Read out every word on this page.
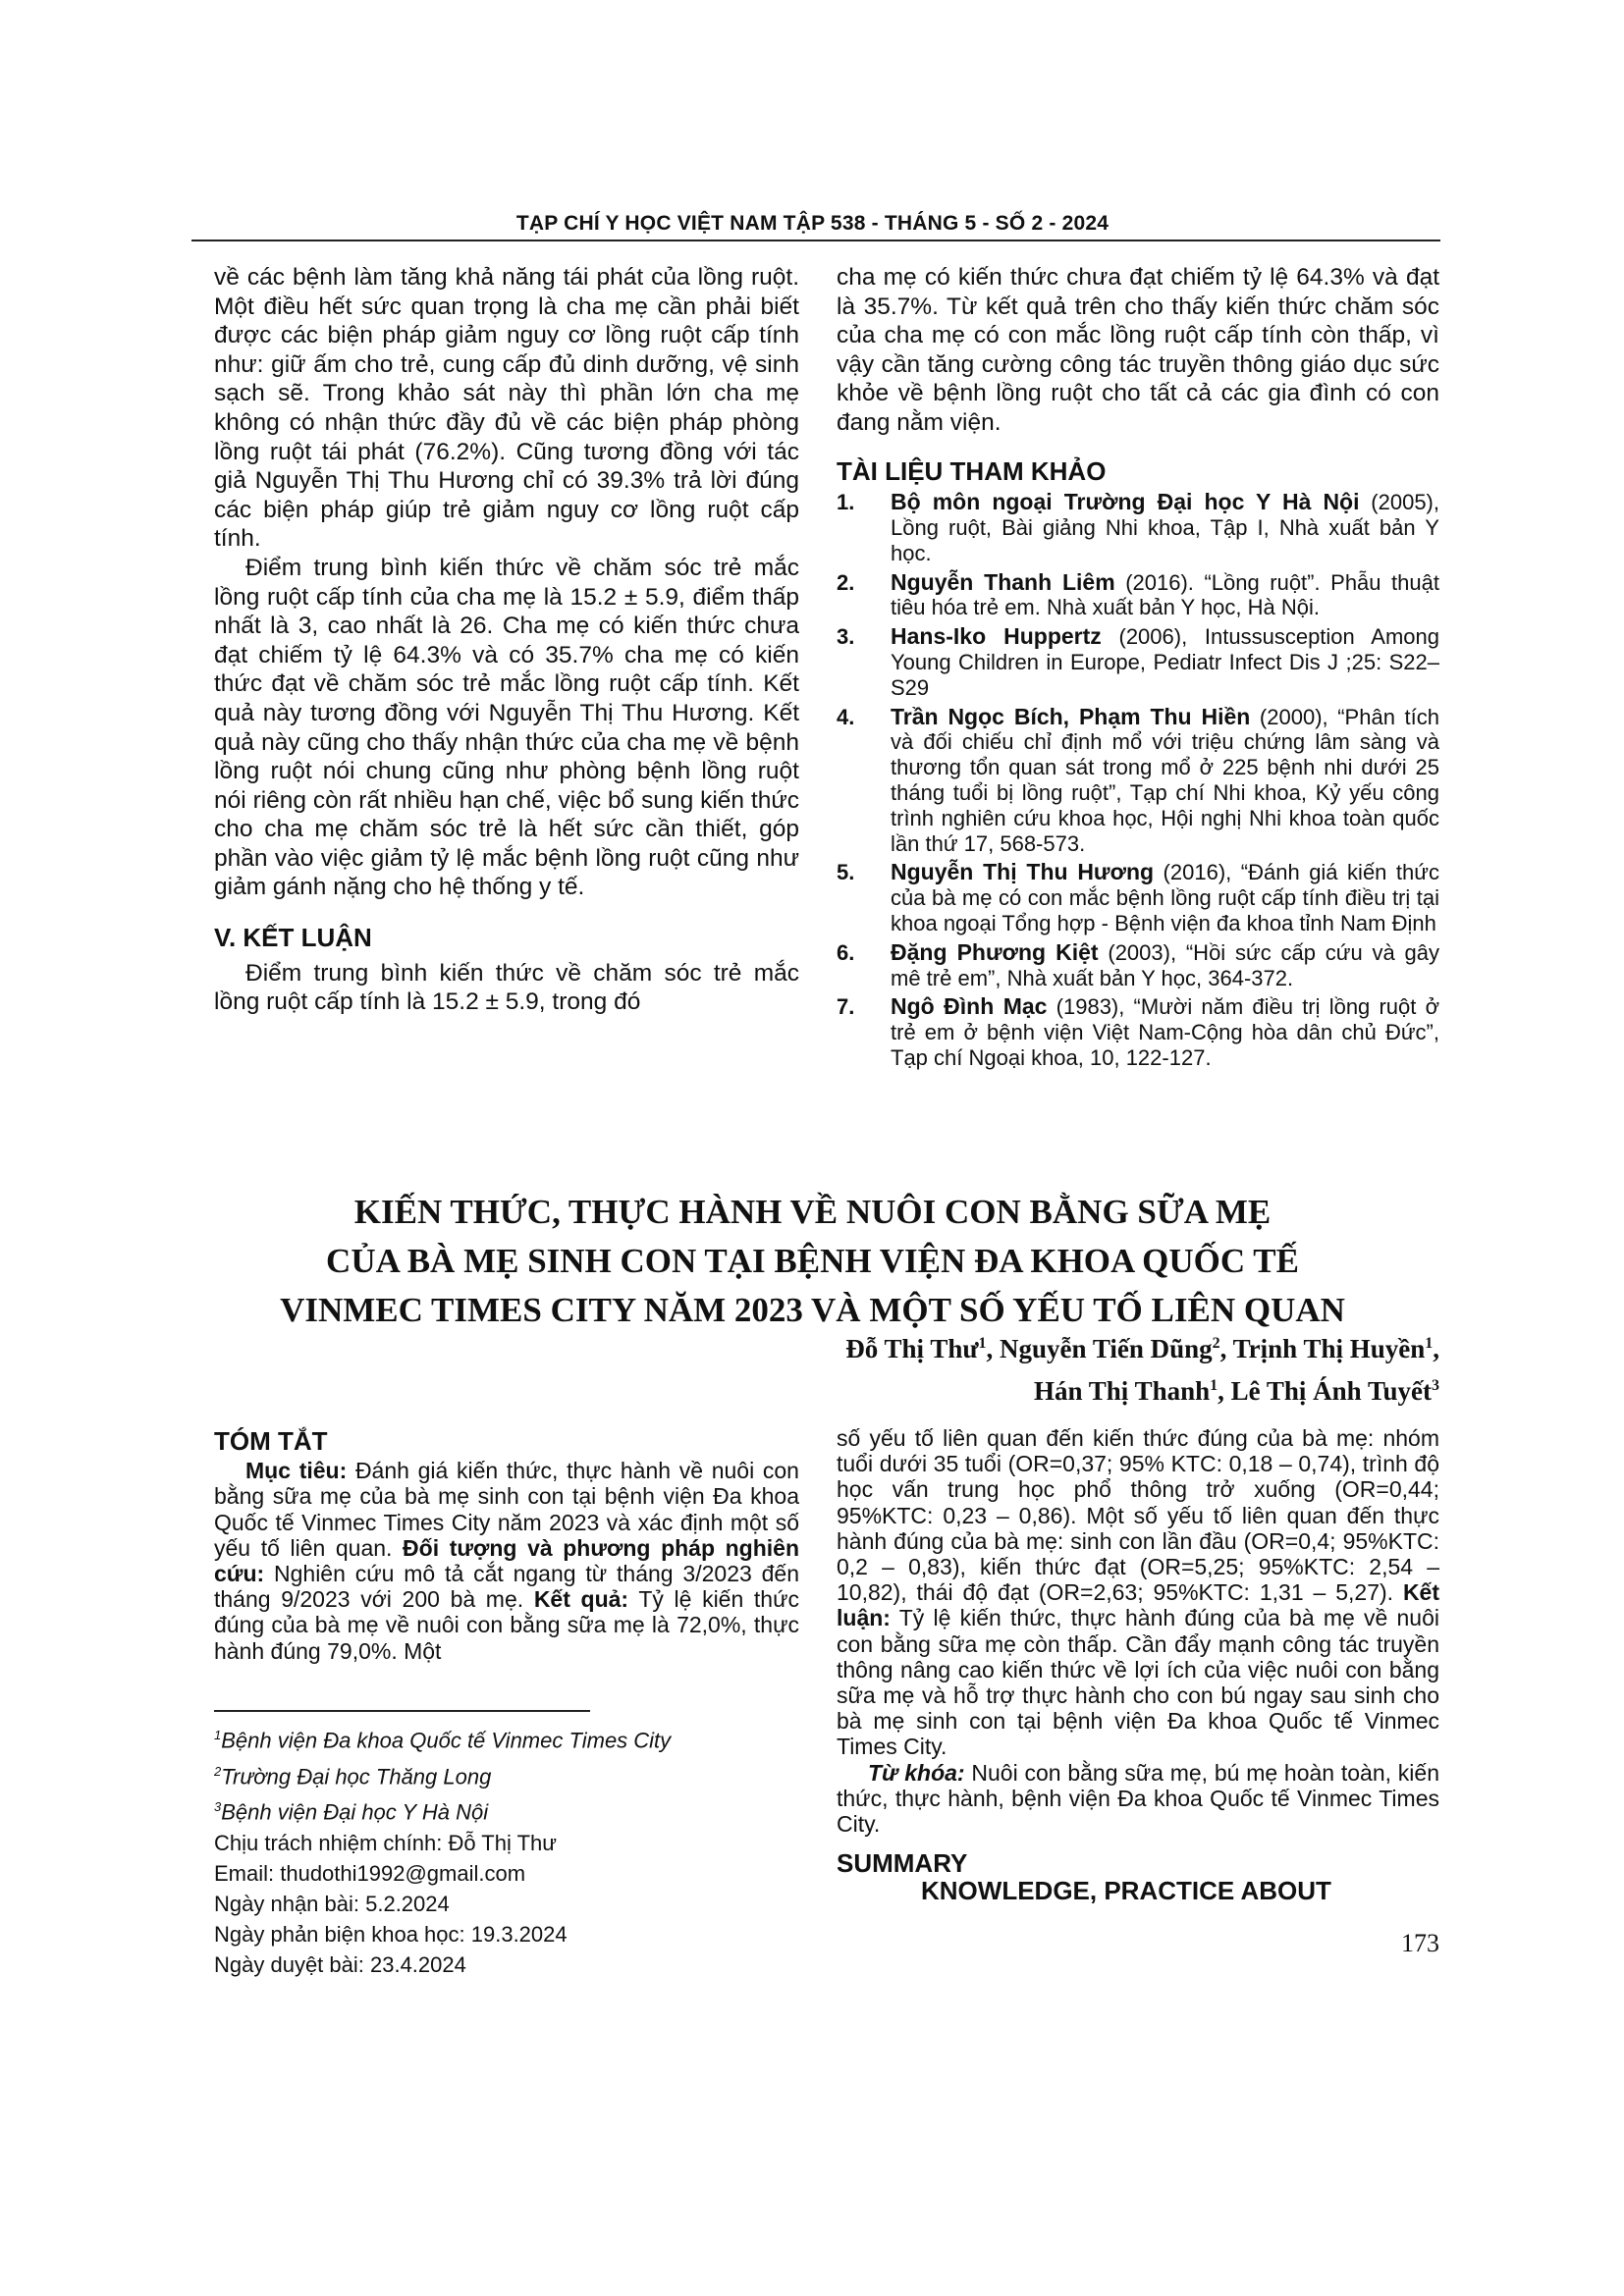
TẠP CHÍ Y HỌC VIỆT NAM TẬP 538 - THÁNG 5 - SỐ 2 - 2024

về các bệnh làm tăng khả năng tái phát của lồng ruột. Một điều hết sức quan trọng là cha mẹ cần phải biết được các biện pháp giảm nguy cơ lồng ruột cấp tính như: giữ ấm cho trẻ, cung cấp đủ dinh dưỡng, vệ sinh sạch sẽ. Trong khảo sát này thì phần lớn cha mẹ không có nhận thức đầy đủ về các biện pháp phòng lồng ruột tái phát (76.2%). Cũng tương đồng với tác giả Nguyễn Thị Thu Hương chỉ có 39.3% trả lời đúng các biện pháp giúp trẻ giảm nguy cơ lồng ruột cấp tính.

Điểm trung bình kiến thức về chăm sóc trẻ mắc lồng ruột cấp tính của cha mẹ là 15.2 ± 5.9, điểm thấp nhất là 3, cao nhất là 26. Cha mẹ có kiến thức chưa đạt chiếm tỷ lệ 64.3% và có 35.7% cha mẹ có kiến thức đạt về chăm sóc trẻ mắc lồng ruột cấp tính. Kết quả này tương đồng với Nguyễn Thị Thu Hương. Kết quả này cũng cho thấy nhận thức của cha mẹ về bệnh lồng ruột nói chung cũng như phòng bệnh lồng ruột nói riêng còn rất nhiều hạn chế, việc bổ sung kiến thức cho cha mẹ chăm sóc trẻ là hết sức cần thiết, góp phần vào việc giảm tỷ lệ mắc bệnh lồng ruột cũng như giảm gánh nặng cho hệ thống y tế.

V. KẾT LUẬN

Điểm trung bình kiến thức về chăm sóc trẻ mắc lồng ruột cấp tính là 15.2 ± 5.9, trong đó

cha mẹ có kiến thức chưa đạt chiếm tỷ lệ 64.3% và đạt là 35.7%. Từ kết quả trên cho thấy kiến thức chăm sóc của cha mẹ có con mắc lồng ruột cấp tính còn thấp, vì vậy cần tăng cường công tác truyền thông giáo dục sức khỏe về bệnh lồng ruột cho tất cả các gia đình có con đang nằm viện.

TÀI LIỆU THAM KHẢO

1. Bộ môn ngoại Trường Đại học Y Hà Nội (2005), Lồng ruột, Bài giảng Nhi khoa, Tập I, Nhà xuất bản Y học.

2. Nguyễn Thanh Liêm (2016). “Lồng ruột”. Phẫu thuật tiêu hóa trẻ em. Nhà xuất bản Y học, Hà Nội.

3. Hans-Iko Huppertz (2006), Intussusception Among Young Children in Europe, Pediatr Infect Dis J ;25: S22–S29

4. Trần Ngọc Bích, Phạm Thu Hiền (2000), “Phân tích và đối chiếu chỉ định mổ với triệu chứng lâm sàng và thương tổn quan sát trong mổ ở 225 bệnh nhi dưới 25 tháng tuổi bị lồng ruột”, Tạp chí Nhi khoa, Kỷ yếu công trình nghiên cứu khoa học, Hội nghị Nhi khoa toàn quốc lần thứ 17, 568-573.

5. Nguyễn Thị Thu Hương (2016), “Đánh giá kiến thức của bà mẹ có con mắc bệnh lồng ruột cấp tính điều trị tại khoa ngoại Tổng hợp - Bệnh viện đa khoa tỉnh Nam Định

6. Đặng Phương Kiệt (2003), “Hồi sức cấp cứu và gây mê trẻ em”, Nhà xuất bản Y học, 364-372.

7. Ngô Đình Mạc (1983), “Mười năm điều trị lồng ruột ở trẻ em ở bệnh viện Việt Nam-Cộng hòa dân chủ Đức”, Tạp chí Ngoại khoa, 10, 122-127.

KIẾN THỨC, THỰC HÀNH VỀ NUÔI CON BẰNG SỮA MẸ
CỦA BÀ MẸ SINH CON TẠI BỆNH VIỆN ĐA KHOA QUỐC TẾ
VINMEC TIMES CITY NĂM 2023 VÀ MỘT SỐ YẾU TỐ LIÊN QUAN
Đỗ Thị Thư$^1$, Nguyễn Tiến Dũng$^2$, Trịnh Thị Huyền$^1$,
Hán Thị Thanh$^1$, Lê Thị Ánh Tuyết$^3$

TÓM TẮT

Mục tiêu: Đánh giá kiến thức, thực hành về nuôi con bằng sữa mẹ của bà mẹ sinh con tại bệnh viện Đa khoa Quốc tế Vinmec Times City năm 2023 và xác định một số yếu tố liên quan. Đối tượng và phương pháp nghiên cứu: Nghiên cứu mô tả cắt ngang từ tháng 3/2023 đến tháng 9/2023 với 200 bà mẹ. Kết quả: Tỷ lệ kiến thức đúng của bà mẹ về nuôi con bằng sữa mẹ là 72,0%, thực hành đúng 79,0%. Một

$^1$Bệnh viện Đa khoa Quốc tế Vinmec Times City

$^2$Trường Đại học Thăng Long

$^3$Bệnh viện Đại học Y Hà Nội

Chịu trách nhiệm chính: Đỗ Thị Thư

Email: thudothi1992@gmail.com

Ngày nhận bài: 5.2.2024

Ngày phản biện khoa học: 19.3.2024

Ngày duyệt bài: 23.4.2024

số yếu tố liên quan đến kiến thức đúng của bà mẹ: nhóm tuổi dưới 35 tuổi (OR=0,37; 95% KTC: 0,18 – 0,74), trình độ học vấn trung học phổ thông trở xuống (OR=0,44; 95%KTC: 0,23 – 0,86). Một số yếu tố liên quan đến thực hành đúng của bà mẹ: sinh con lần đầu (OR=0,4; 95%KTC: 0,2 – 0,83), kiến thức đạt (OR=5,25; 95%KTC: 2,54 – 10,82), thái độ đạt (OR=2,63; 95%KTC: 1,31 – 5,27). Kết luận: Tỷ lệ kiến thức, thực hành đúng của bà mẹ về nuôi con bằng sữa mẹ còn thấp. Cần đẩy mạnh công tác truyền thông nâng cao kiến thức về lợi ích của việc nuôi con bằng sữa mẹ và hỗ trợ thực hành cho con bú ngay sau sinh cho bà mẹ sinh con tại bệnh viện Đa khoa Quốc tế Vinmec Times City.

Từ khóa: Nuôi con bằng sữa mẹ, bú mẹ hoàn toàn, kiến thức, thực hành, bệnh viện Đa khoa Quốc tế Vinmec Times City.

SUMMARY

KNOWLEDGE, PRACTICE ABOUT

173
